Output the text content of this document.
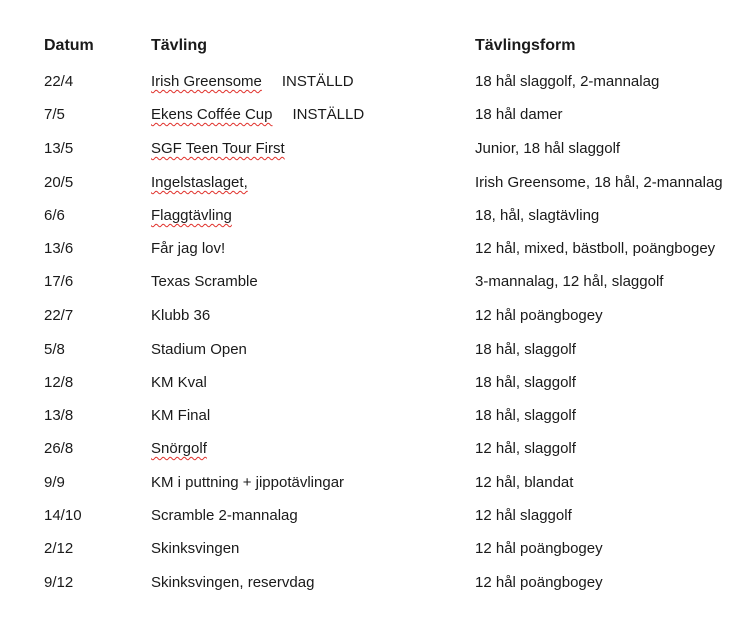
Datum	Tävling	Tävlingsform
22/4	Irish Greensome INSTÄLLD	18 hål slaggolf, 2-mannalag
7/5	Ekens Coffée Cup INSTÄLLD	18 hål damer
13/5	SGF Teen Tour First	Junior, 18 hål slaggolf
20/5	Ingelstaslaget,	Irish Greensome, 18 hål, 2-mannalag
6/6	Flaggtävling	18, hål, slagtävling
13/6	Får jag lov!	12 hål, mixed, bästboll, poängbogey
17/6	Texas Scramble	3-mannalag, 12 hål, slaggolf
22/7	Klubb 36	12 hål poängbogey
5/8	Stadium Open	18 hål, slaggolf
12/8	KM Kval	18 hål, slaggolf
13/8	KM Final	18 hål, slaggolf
26/8	Snörgolf	12 hål, slaggolf
9/9	KM i puttning + jippotävlingar	12 hål, blandat
14/10	Scramble 2-mannalag	12 hål slaggolf
2/12	Skinksvingen	12 hål poängbogey
9/12	Skinksvingen, reservdag	12 hål poängbogey
